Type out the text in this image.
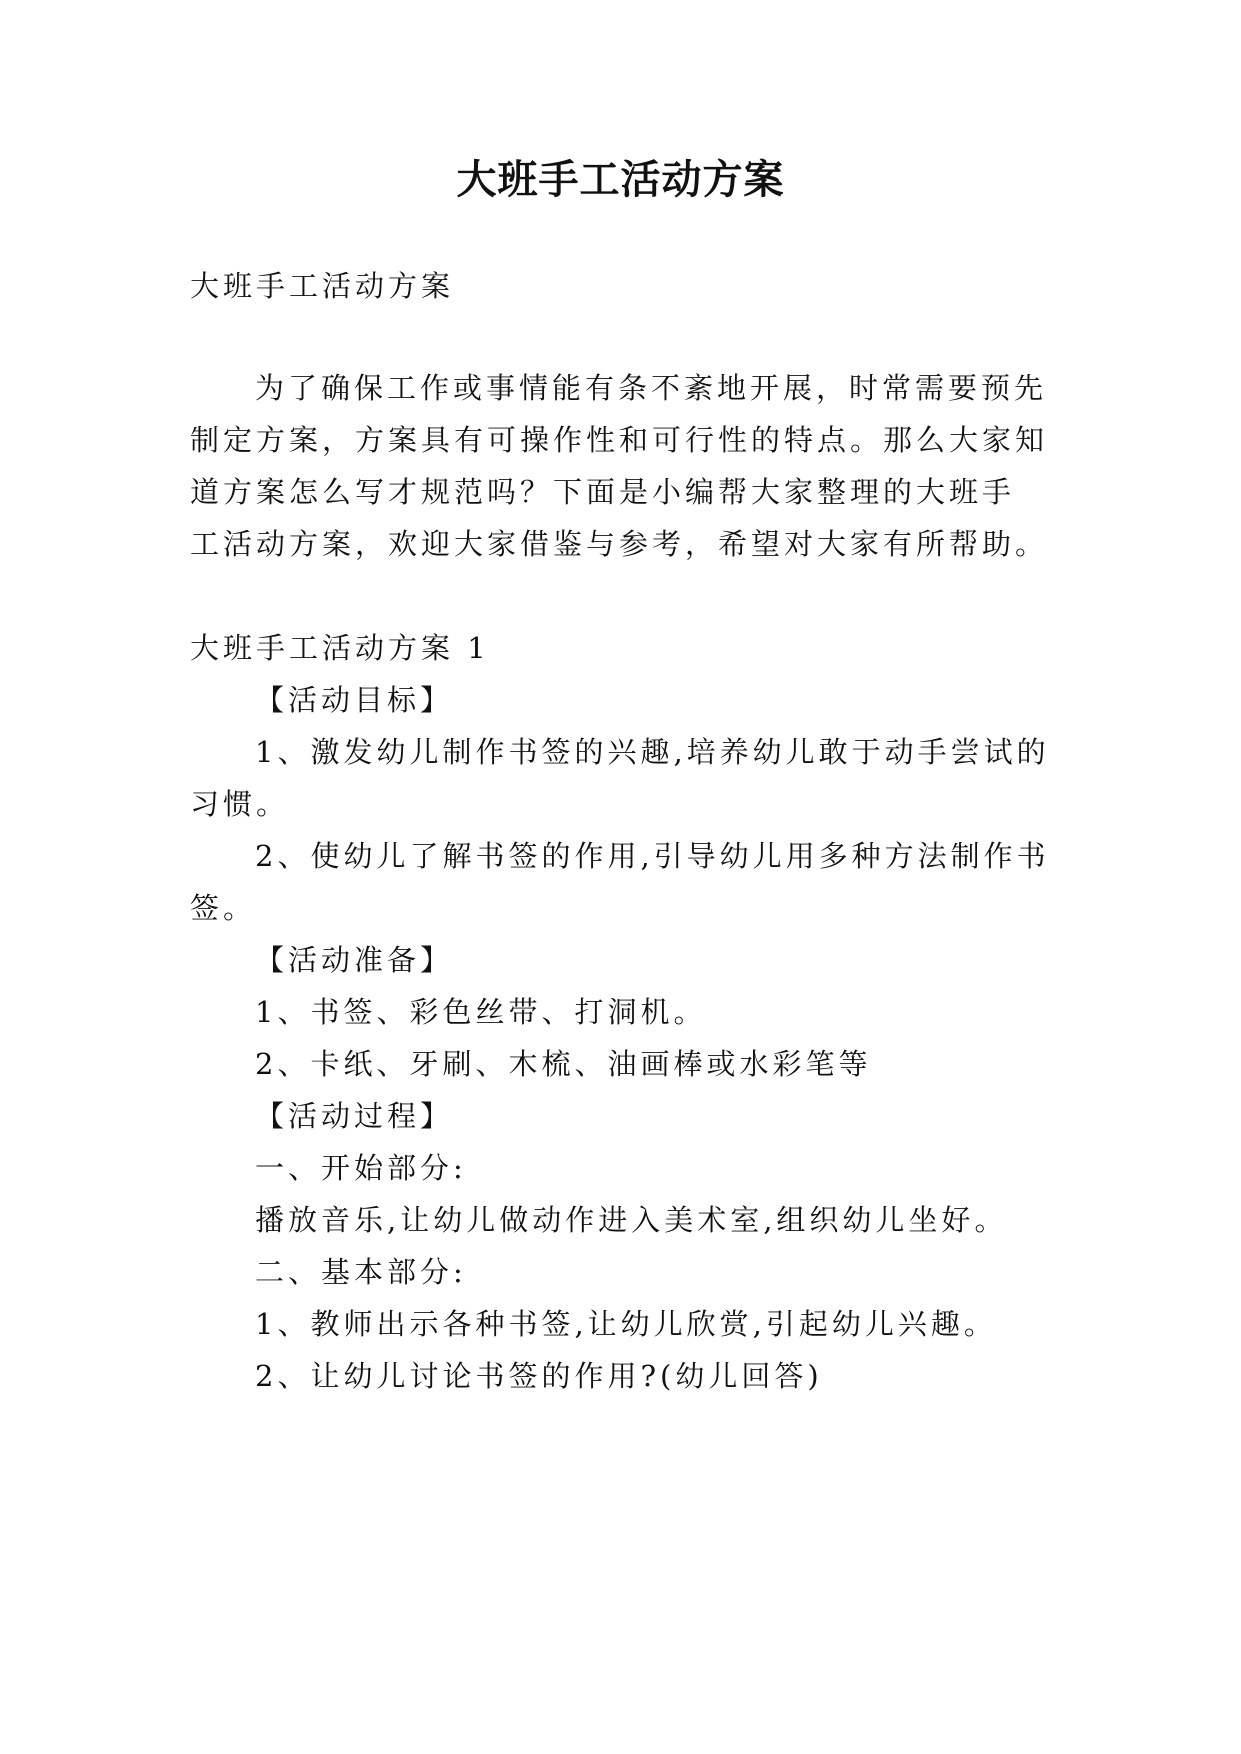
大班手工活动方案

大班手工活动方案

为了确保工作或事情能有条不紊地开展，时常需要预先

制定方案，方案具有可操作性和可行性的特点。那么大家知

道方案怎么写才规范吗？下面是小编帮大家整理的大班手

工活动方案，欢迎大家借鉴与参考，希望对大家有所帮助。

大班手工活动方案 1

【活动目标】

1、激发幼儿制作书签的兴趣,培养幼儿敢于动手尝试的

习惯。

2、使幼儿了解书签的作用,引导幼儿用多种方法制作书

签。

【活动准备】

1、书签、彩色丝带、打洞机。

2、卡纸、牙刷、木梳、油画棒或水彩笔等

【活动过程】

一、开始部分:

播放音乐,让幼儿做动作进入美术室,组织幼儿坐好。

二、基本部分:

1、教师出示各种书签,让幼儿欣赏,引起幼儿兴趣。

2、让幼儿讨论书签的作用?(幼儿回答)
